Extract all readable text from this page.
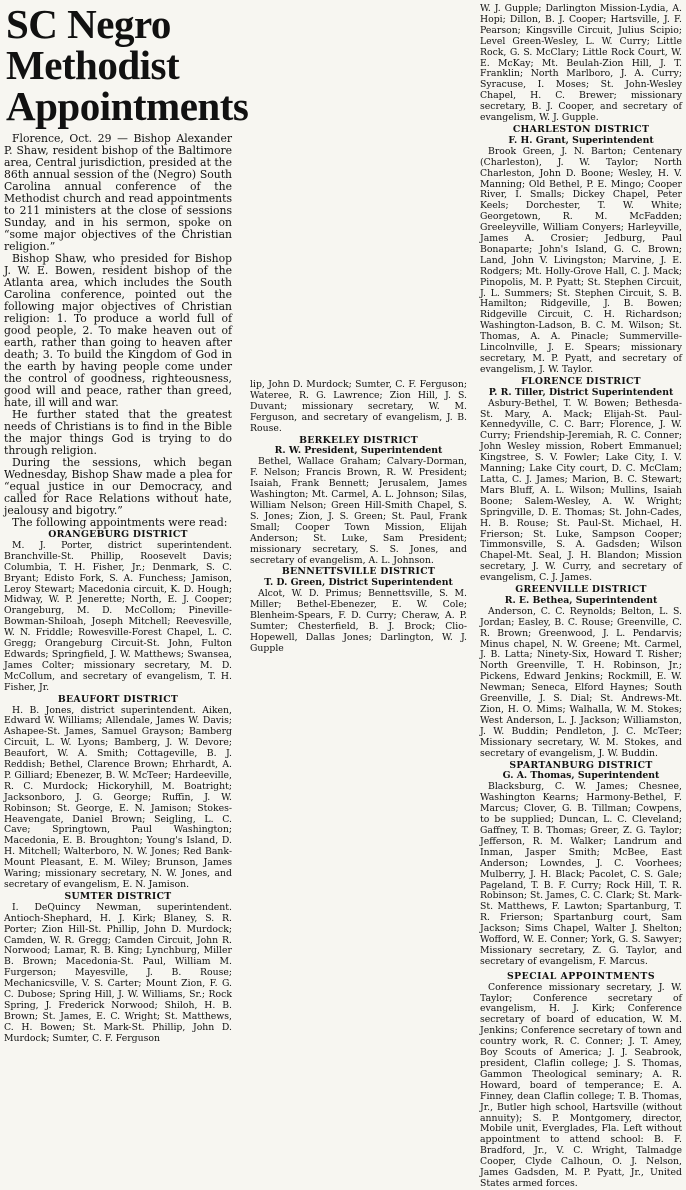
SC Negro
Methodist
Appointments

Florence, Oct. 29 — Bishop Alexander P. Shaw, resident bishop of the Baltimore area, Central jurisdiction, presided at the 86th annual session of the (Negro) South Carolina annual conference of the Methodist church and read appointments to 211 ministers at the close of sessions Sunday, and in his sermon, spoke on “some major objectives of the Christian religion.”

Bishop Shaw, who presided for Bishop J. W. E. Bowen, resident bishop of the Atlanta area, which includes the South Carolina conference, pointed out the following major objectives of Christian religion: 1. To produce a world full of good people, 2. To make heaven out of earth, rather than going to heaven after death; 3. To build the Kingdom of God in the earth by having people come under the control of goodness, righteousness, good will and peace, rather than greed, hate, ill will and war.

He further stated that the greatest needs of Christians is to find in the Bible the major things God is trying to do through religion.

During the sessions, which began Wednesday, Bishop Shaw made a plea for “equal justice in our Democracy, and called for Race Relations without hate, jealousy and bigotry.”

The following appointments were read:

ORANGEBURG DISTRICT

M. J. Porter, district superintendent. Branchville-St. Phillip, Roosevelt Davis; Columbia, T. H. Fisher, Jr.; Denmark, S. C. Bryant; Edisto Fork, S. A. Funchess; Jamison, Leroy Stewart; Macedonia circuit, K. D. Hough; Midway, W. P. Jenerette; North, E. J. Cooper; Orangeburg, M. D. McCollom; Pineville-Bowman-Shiloah, Joseph Mitchell; Reevesville, W. N. Friddle; Rowesville-Forest Chapel, L. C. Gregg; Orangeburg Circuit-St. John, Fulton Edwards; Springfield, J. W. Matthews; Swansea, James Colter; missionary secretary, M. D. McCollum, and secretary of evangelism, T. H. Fisher, Jr.

BEAUFORT DISTRICT

H. B. Jones, district superintendent. Aiken, Edward W. Williams; Allendale, James W. Davis; Ashapee-St. James, Samuel Grayson; Bamberg Circuit, L. W. Lyons; Bamberg, J. W. Devore; Beaufort, W. A. Smith; Cottageville, B. J. Reddish; Bethel, Clarence Brown; Ehrhardt, A. P. Gilliard; Ebenezer, B. W. McTeer; Hardeeville, R. C. Murdock; Hickoryhill, M. Boatright; Jacksonboro, J. G. George; Ruffin, J. W. Robinson; St. George, E. N. Jamison; Stokes-Heavengate, Daniel Brown; Seigling, L. C. Cave; Springtown, Paul Washington; Macedonia, E. B. Broughton; Young's Island, D. H. Mitchell; Walterboro, N. W. Jones; Red Bank-Mount Pleasant, E. M. Wiley; Brunson, James Waring; missionary secretary, N. W. Jones, and secretary of evangelism, E. N. Jamison.

SUMTER DISTRICT

I. DeQuincy Newman, superintendent. Antioch-Shephard, H. J. Kirk; Blaney, S. R. Porter; Zion Hill-St. Phillip, John D. Murdock; Camden, W. R. Gregg; Camden Circuit, John R. Norwood; Lamar, R. B. King; Lynchburg, Miller B. Brown; Macedonia-St. Paul, William M. Furgerson; Mayesville, J. B. Rouse; Mechanicsville, V. S. Carter; Mount Zion, F. G. C. Dubose; Spring Hill, J. W. Williams, Sr.; Rock Spring, J. Frederick Norwood; Shiloh, H. B. Brown; St. James, E. C. Wright; St. Matthews, C. H. Bowen; St. Mark-St. Phillip, John D. Murdock; Sumter, C. F. Ferguson

lip, John D. Murdock; Sumter, C. F. Ferguson; Wateree, R. G. Lawrence; Zion Hill, J. S. Duvant; missionary secretary, W. M. Ferguson, and secretary of evangelism, J. B. Rouse.

BERKELEY DISTRICT
R. W. President, Superintendent

Bethel, Wallace Graham; Calvary-Dorman, F. Nelson; Francis Brown, R. W. President; Isaiah, Frank Bennett; Jerusalem, James Washington; Mt. Carmel, A. L. Johnson; Silas, William Nelson; Green Hill-Smith Chapel, S. S. Jones; Zion, J. S. Green; St. Paul, Frank Small; Cooper Town Mission, Elijah Anderson; St. Luke, Sam President; missionary secretary, S. S. Jones, and secretary of evangelism, A. L. Johnson.

BENNETTSVILLE DISTRICT
T. D. Green, District Superintendent

Alcot, W. D. Primus; Bennettsville, S. M. Miller; Bethel-Ebenezer, E. W. Cole; Blenheim-Spears, F. D. Curry; Cheraw, A. P. Sumter; Chesterfield, B. J. Brock; Clio-Hopewell, Dallas Jones; Darlington, W. J. Gupple

W. J. Gupple; Darlington Mission-Lydia, A. Hopi; Dillon, B. J. Cooper; Hartsville, J. F. Pearson; Kingsville Circuit, Julius Scipio; Level Green-Wesley, L. W. Curry; Little Rock, G. S. McClary; Little Rock Court, W. E. McKay; Mt. Beulah-Zion Hill, J. T. Franklin; North Marlboro, J. A. Curry; Syracuse, I. Moses; St. John-Wesley Chapel, H. C. Brewer; missionary secretary, B. J. Cooper, and secretary of evangelism, W. J. Gupple.

CHARLESTON DISTRICT
F. H. Grant, Superintendent

Brook Green, J. N. Barton; Centenary (Charleston), J. W. Taylor; North Charleston, John D. Boone; Wesley, H. V. Manning; Old Bethel, P. E. Mingo; Cooper River, I. Smalls; Dickey Chapel, Peter Keels; Dorchester, T. W. White; Georgetown, R. M. McFadden; Greeleyville, William Conyers; Harleyville, James A. Crosier; Jedburg, Paul Bonaparte; John's Island, G. C. Brown; Land, John V. Livingston; Marvine, J. E. Rodgers; Mt. Holly-Grove Hall, C. J. Mack; Pinopolis, M. P. Pyatt; St. Stephen Circuit, J. L. Summers; St. Stephen Circuit, S. B. Hamilton; Ridgeville, J. B. Bowen; Ridgeville Circuit, C. H. Richardson; Washington-Ladson, B. C. M. Wilson; St. Thomas, A. A. Pinacle; Summerville-Lincolnville, J. E. Spears; missionary secretary, M. P. Pyatt, and secretary of evangelism, J. W. Taylor.

FLORENCE DISTRICT
P. R. Tiller, District Superintendent

Asbury-Bethel, T. W. Bowen; Bethesda-St. Mary, A. Mack; Elijah-St. Paul-Kennedyville, C. C. Barr; Florence, J. W. Curry; Friendship-Jeremiah, R. C. Conner; John Wesley mission, Robert Emmanuel; Kingstree, S. V. Fowler; Lake City, I. V. Manning; Lake City court, D. C. McClam; Latta, C. J. James; Marion, B. C. Stewart; Mars Bluff, A. L. Wilson; Mullins, Isaiah Boone; Salem-Wesley, A. W. Wright; Springville, D. E. Thomas; St. John-Cades, H. B. Rouse; St. Paul-St. Michael, H. Frierson; St. Luke, Sampson Cooper; Timmonsville, S. A. Gadsden; Wilson Chapel-Mt. Seal, J. H. Blandon; Mission secretary, J. W. Curry, and secretary of evangelism, C. J. James.

GREENVILLE DISTRICT
R. E. Bethea, Superintendent

Anderson, C. C. Reynolds; Belton, L. S. Jordan; Easley, B. C. Rouse; Greenville, C. R. Brown; Greenwood, J. L. Pendarvis; Minus chapel, N. W. Greene; Mt. Carmel, J. B. Latta; Ninety-Six, Howard T. Risher; North Greenville, T. H. Robinson, Jr.; Pickens, Edward Jenkins; Rockmill, E. W. Newman; Seneca, Elford Haynes; South Greenville, J. S. Dial; St. Andrews-Mt. Zion, H. O. Mims; Walhalla, W. M. Stokes; West Anderson, L. J. Jackson; Williamston, J. W. Buddin; Pendleton, J. C. McTeer; Missionary secretary, W. M. Stokes, and secretary of evangelism, J. W. Buddin.

SPARTANBURG DISTRICT
G. A. Thomas, Superintendent

Blacksburg, C. W. James; Chesnee, Washington Kearns; Harmony-Bethel, F. Marcus; Clover, G. B. Tillman; Cowpens, to be supplied; Duncan, L. C. Cleveland; Gaffney, T. B. Thomas; Greer, Z. G. Taylor; Jefferson, R. M. Walker; Landrum and Inman, Jasper Smith; McBee, East Anderson; Lowndes, J. C. Voorhees; Mulberry, J. H. Black; Pacolet, C. S. Gale; Pageland, T. B. F. Curry; Rock Hill, T. R. Robinson; St. James, C. C. Clark; St. Mark-St. Matthews, F. Lawton; Spartanburg, T. R. Frierson; Spartanburg court, Sam Jackson; Sims Chapel, Walter J. Shelton; Wofford, W. E. Conner; York, G. S. Sawyer; Missionary secretary, Z. G. Taylor, and secretary of evangelism, F. Marcus.

SPECIAL APPOINTMENTS

Conference missionary secretary, J. W. Taylor; Conference secretary of evangelism, H. J. Kirk; Conference secretary of board of education, W. M. Jenkins; Conference secretary of town and country work, R. C. Conner; J. T. Amey, Boy Scouts of America; J. J. Seabrook, president, Claflin college; J. S. Thomas, Gammon Theological seminary; A. R. Howard, board of temperance; E. A. Finney, dean Claflin college; T. B. Thomas, Jr., Butler high school, Hartsville (without annuity); S. P. Montgomery, director, Mobile unit, Everglades, Fla. Left without appointment to attend school: B. F. Bradford, Jr., V. C. Wright, Talmadge Cooper, Clyde Calhoun, O. J. Nelson, James Gadsden, M. P. Pyatt, Jr., United States armed forces.
